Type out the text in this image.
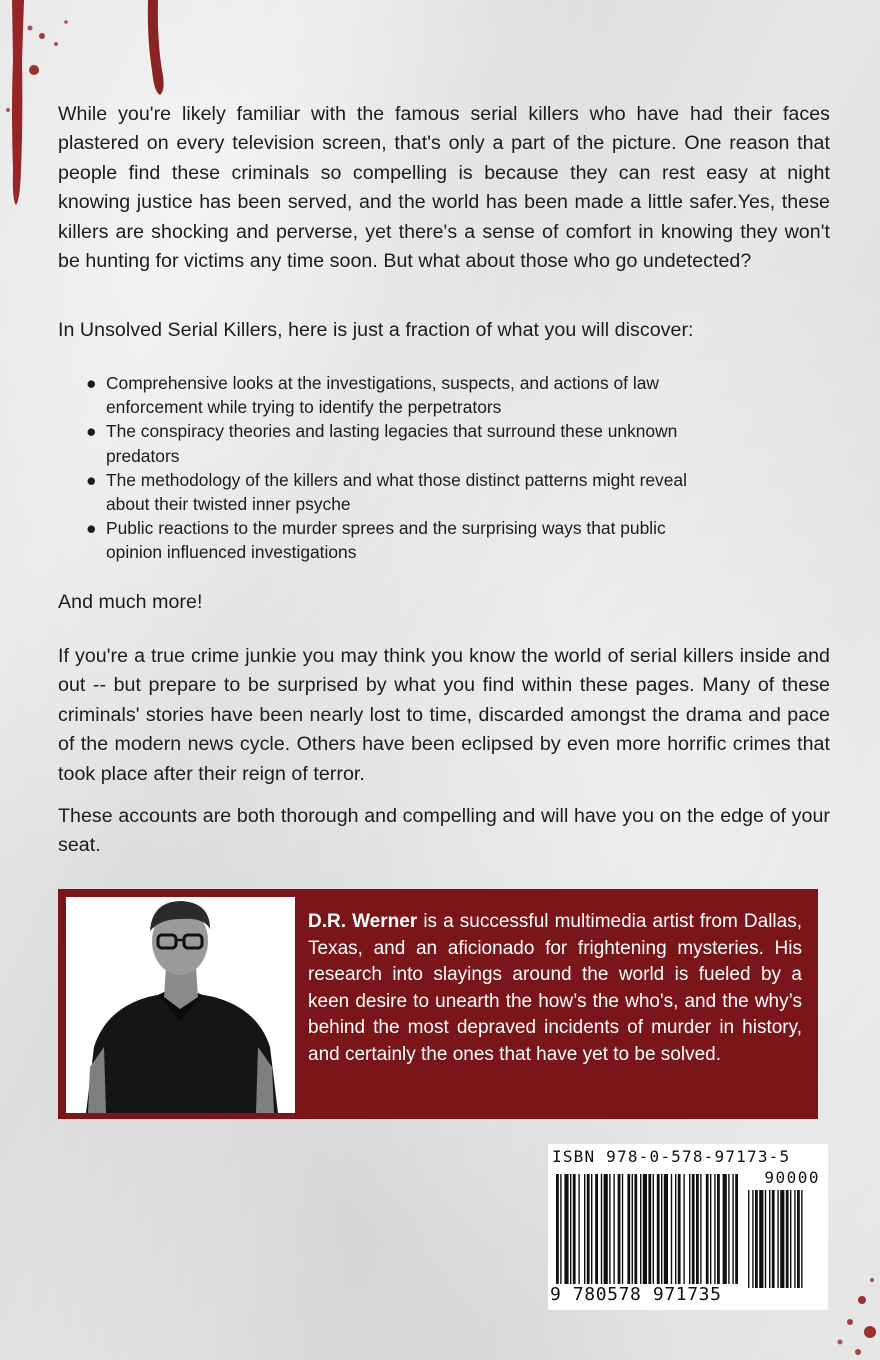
While you're likely familiar with the famous serial killers who have had their faces plastered on every television screen, that's only a part of the picture. One reason that people find these criminals so compelling is because they can rest easy at night knowing justice has been served, and the world has been made a little safer.Yes, these killers are shocking and perverse, yet there's a sense of comfort in knowing they won't be hunting for victims any time soon. But what about those who go undetected?

In Unsolved Serial Killers, here is just a fraction of what you will discover:

● Comprehensive looks at the investigations, suspects, and actions of law enforcement while trying to identify the perpetrators
● The conspiracy theories and lasting legacies that surround these unknown predators
● The methodology of the killers and what those distinct patterns might reveal about their twisted inner psyche
● Public reactions to the murder sprees and the surprising ways that public opinion influenced investigations

And much more!

If you're a true crime junkie you may think you know the world of serial killers inside and out -- but prepare to be surprised by what you find within these pages. Many of these criminals' stories have been nearly lost to time, discarded amongst the drama and pace of the modern news cycle. Others have been eclipsed by even more horrific crimes that took place after their reign of terror.

These accounts are both thorough and compelling and will have you on the edge of your seat.

D.R. Werner is a successful multimedia artist from Dallas, Texas, and an aficionado for frightening mysteries. His research into slayings around the world is fueled by a keen desire to unearth the how’s the who's, and the why’s behind the most depraved incidents of murder in history, and certainly the ones that have yet to be solved.

ISBN 978-0-578-97173-5
90000
9 780578 971735
